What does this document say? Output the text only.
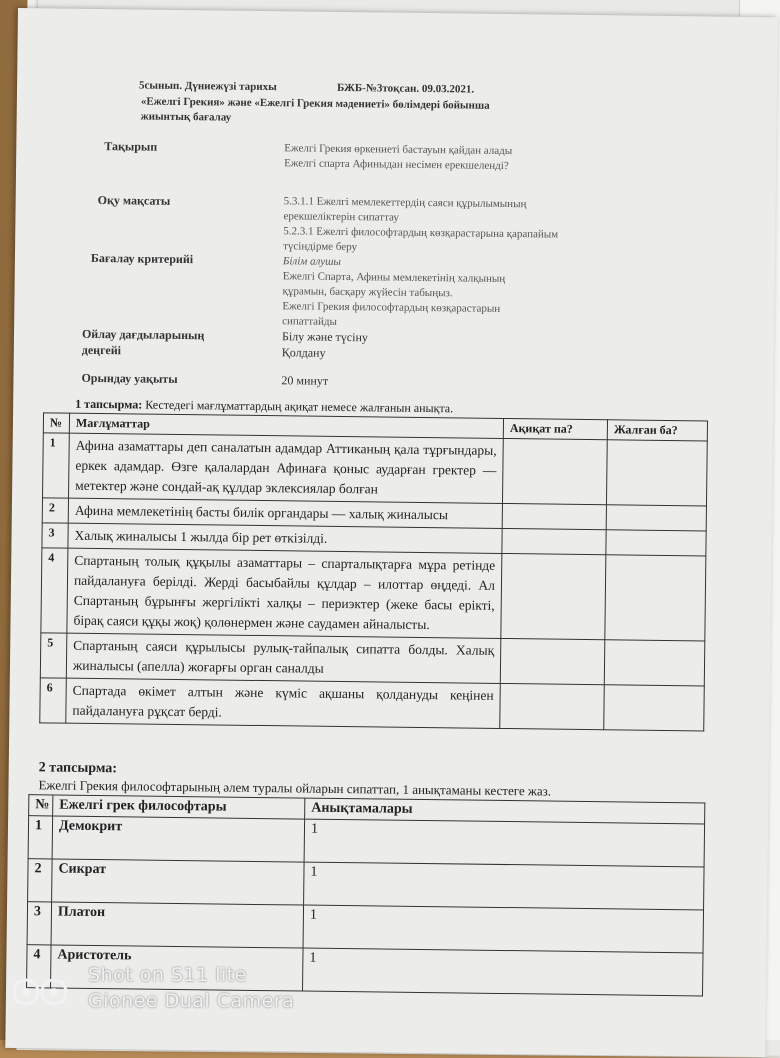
5сынып. Дүниежүзі тарихы	БЖБ-№3тоқсан. 09.03.2021.
«Ежелгі Грекия» және «Ежелгі Грекия мәдениеті» бөлімдері бойынша
жиынтық бағалау
Тақырып	Ежелгі Грекия өркениеті бастауын қайдан алады
Ежелгі спарта Афиныдан несімен ерекшеленді?
Оқу мақсаты	5.3.1.1 Ежелгі мемлекеттердің саяси құрылымының
ерекшеліктерін сипаттау
5.2.3.1 Ежелгі философтардың көзқарастарына қарапайым
түсіндірме беру
Бағалау критерийі	Білім алушы
Ежелгі Спарта, Афины мемлекетінің халқының
құрамын, басқару жүйесін табыңыз.
Ежелгі Грекия философтардың көзқарастарын
сипаттайды
Ойлау дағдыларының
деңгейі
Білу және түсіну
Қолдану
Орындау уақыты	20 минут
1 тапсырма: Кестедегі мағлұматтардың ақиқат немесе жалғанын анықта.
№	Мағлұматтар	Ақиқат па?	Жалған ба?
1	Афина азаматтары деп саналатын адамдар Аттиканың қала тұрғындары, еркек адамдар. Өзге қалалардан Афинаға қоныс аударған гректер — метектер және сондай-ақ құлдар эклексиялар болған		
2	Афина мемлекетінің басты билік органдары — халық жиналысы		
3	Халық жиналысы 1 жылда бір рет өткізілді.		
4	Спартаның толық құқылы азаматтары – спарталықтарға мұра ретінде пайдалануға берілді. Жерді басыбайлы құлдар – илоттар өңдеді. Ал Спартаның бұрынғы жергілікті халқы – периэктер (жеке басы ерікті, бірақ саяси құқы жоқ) қолөнермен және саудамен айналысты.		
5	Спартаның саяси құрылысы рулық-тайпалық сипатта болды. Халық жиналысы (апелла) жоғарғы орган саналды		
6	Спартада өкімет алтын және күміс ақшаны қолдануды кеңінен пайдалануға рұқсат берді.		
2 тапсырма:
Ежелгі Грекия философтарының әлем туралы ойларын сипаттап, 1 анықтаманы кестеге жаз.
№	Ежелгі грек философтары	Анықтамалары
1	Демокрит	1
2	Сикрат	1
3	Платон	1
4	Аристотель	1
Shot on S11 lite
Gionee Dual Camera
